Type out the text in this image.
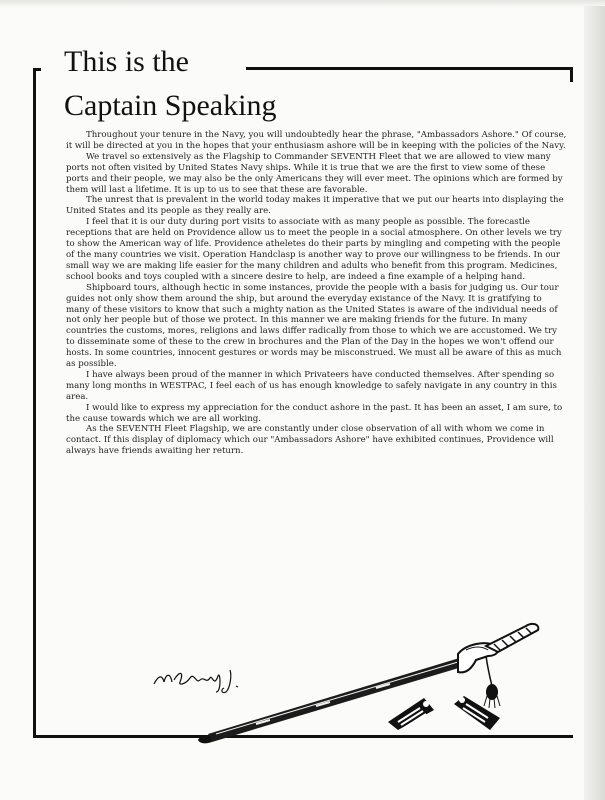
This is the
Captain Speaking

Throughout your tenure in the Navy, you will undoubtedly hear the phrase, "Ambassadors Ashore." Of course, it will be directed at you in the hopes that your enthusiasm ashore will be in keeping with the policies of the Navy.

We travel so extensively as the Flagship to Commander SEVENTH Fleet that we are allowed to view many ports not often visited by United States Navy ships. While it is true that we are the first to view some of these ports and their people, we may also be the only Americans they will ever meet. The opinions which are formed by them will last a lifetime. It is up to us to see that these are favorable.

The unrest that is prevalent in the world today makes it imperative that we put our hearts into displaying the United States and its people as they really are.

I feel that it is our duty during port visits to associate with as many people as possible. The forecastle receptions that are held on Providence allow us to meet the people in a social atmosphere. On other levels we try to show the American way of life. Providence atheletes do their parts by mingling and competing with the people of the many countries we visit. Operation Handclasp is another way to prove our willingness to be friends. In our small way we are making life easier for the many children and adults who benefit from this program. Medicines, school books and toys coupled with a sincere desire to help, are indeed a fine example of a helping hand.

Shipboard tours, although hectic in some instances, provide the people with a basis for judging us. Our tour guides not only show them around the ship, but around the everyday existance of the Navy. It is gratifying to many of these visitors to know that such a mighty nation as the United States is aware of the individual needs of not only her people but of those we protect. In this manner we are making friends for the future. In many countries the customs, mores, religions and laws differ radically from those to which we are accustomed. We try to disseminate some of these to the crew in brochures and the Plan of the Day in the hopes we won't offend our hosts. In some countries, innocent gestures or words may be misconstrued. We must all be aware of this as much as possible.

I have always been proud of the manner in which Privateers have conducted themselves. After spending so many long months in WESTPAC, I feel each of us has enough knowledge to safely navigate in any country in this area.

I would like to express my appreciation for the conduct ashore in the past. It has been an asset, I am sure, to the cause towards which we are all working.

As the SEVENTH Fleet Flagship, we are constantly under close observation of all with whom we come in contact. If this display of diplomacy which our "Ambassadors Ashore" have exhibited continues, Providence will always have friends awaiting her return.
